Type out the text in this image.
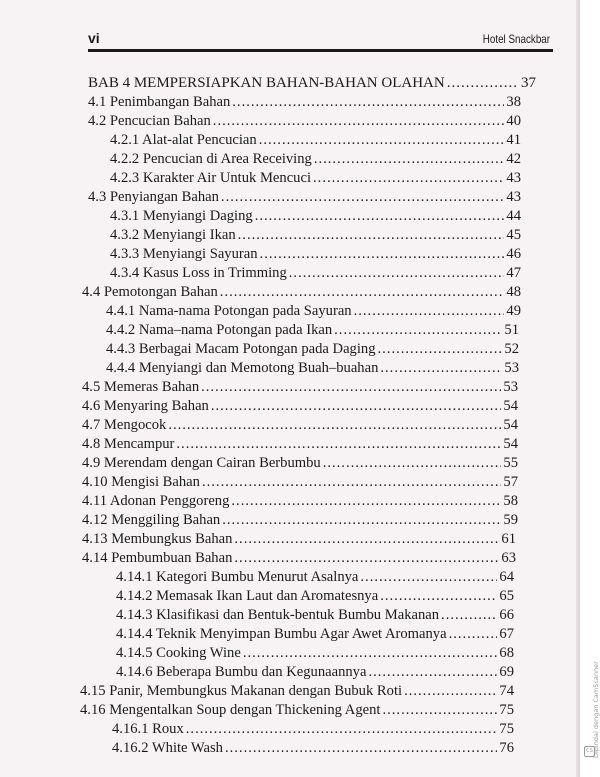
vi	Hotel Snackbar
BAB 4 MEMPERSIAPKAN BAHAN-BAHAN OLAHAN .....	37
4.1 Penimbangan Bahan .....	38
4.2 Pencucian Bahan .....	40
4.2.1 Alat-alat Pencucian .....	41
4.2.2 Pencucian di Area Receiving .....	42
4.2.3 Karakter Air Untuk Mencuci .....	43
4.3 Penyiangan Bahan .....	43
4.3.1 Menyiangi Daging .....	44
4.3.2 Menyiangi Ikan .....	45
4.3.3 Menyiangi Sayuran .....	46
4.3.4 Kasus Loss in Trimming .....	47
4.4 Pemotongan Bahan .....	48
4.4.1 Nama-nama Potongan pada Sayuran .....	49
4.4.2 Nama–nama Potongan pada Ikan .....	51
4.4.3 Berbagai Macam Potongan pada Daging .....	52
4.4.4 Menyiangi dan Memotong Buah–buahan .....	53
4.5 Memeras Bahan .....	53
4.6 Menyaring Bahan .....	54
4.7 Mengocok .....	54
4.8 Mencampur .....	54
4.9 Merendam dengan Cairan Berbumbu .....	55
4.10 Mengisi Bahan .....	57
4.11 Adonan Penggoreng .....	58
4.12 Menggiling Bahan .....	59
4.13 Membungkus Bahan .....	61
4.14 Pembumbuan Bahan .....	63
4.14.1 Kategori Bumbu Menurut Asalnya .....	64
4.14.2 Memasak Ikan Laut dan Aromatesnya .....	65
4.14.3 Klasifikasi dan Bentuk-bentuk Bumbu Makanan .....	66
4.14.4 Teknik Menyimpan Bumbu Agar Awet Aromanya .....	67
4.14.5 Cooking Wine .....	68
4.14.6 Beberapa Bumbu dan Kegunaannya .....	69
4.15 Panir, Membungkus Makanan dengan Bubuk Roti .....	74
4.16 Mengentalkan Soup dengan Thickening Agent .....	75
4.16.1 Roux .....	75
4.16.2 White Wash .....	76	Dipindai dengan CamScanner
CS
